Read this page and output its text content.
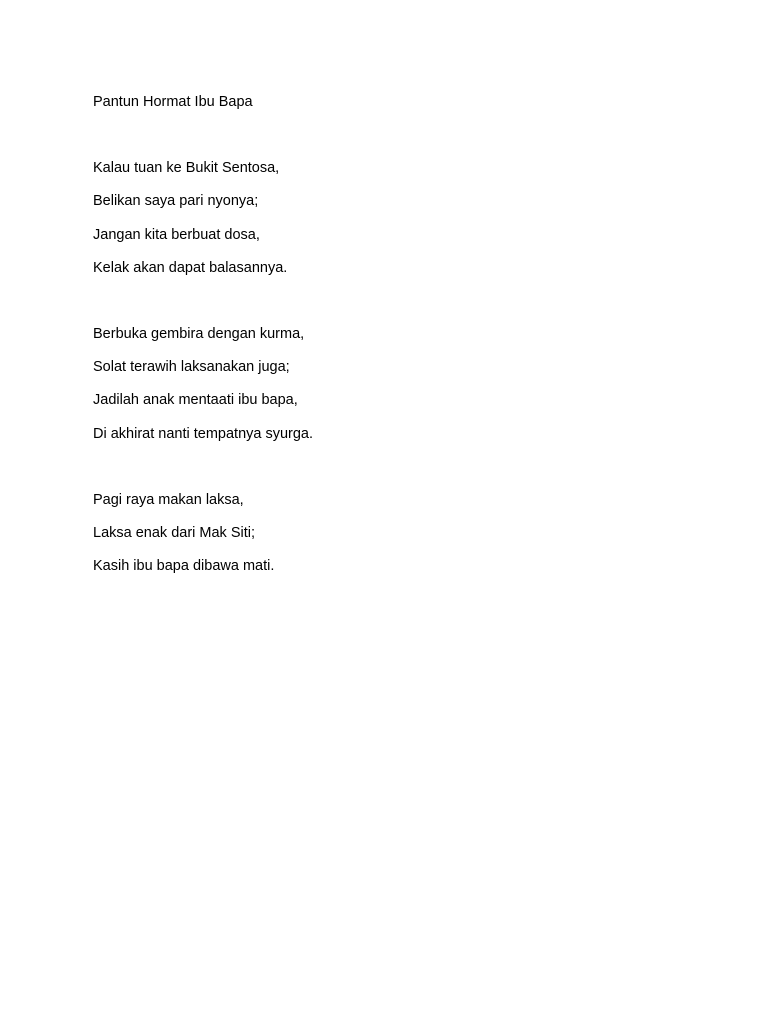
Pantun Hormat Ibu Bapa

Kalau tuan ke Bukit Sentosa,

Belikan saya pari nyonya;

Jangan kita berbuat dosa,

Kelak akan dapat balasannya.

Berbuka gembira dengan kurma,

Solat terawih laksanakan juga;

Jadilah anak mentaati ibu bapa,

Di akhirat nanti tempatnya syurga.

Pagi raya makan laksa,

Laksa enak dari Mak Siti;

Kasih ibu bapa dibawa mati.
